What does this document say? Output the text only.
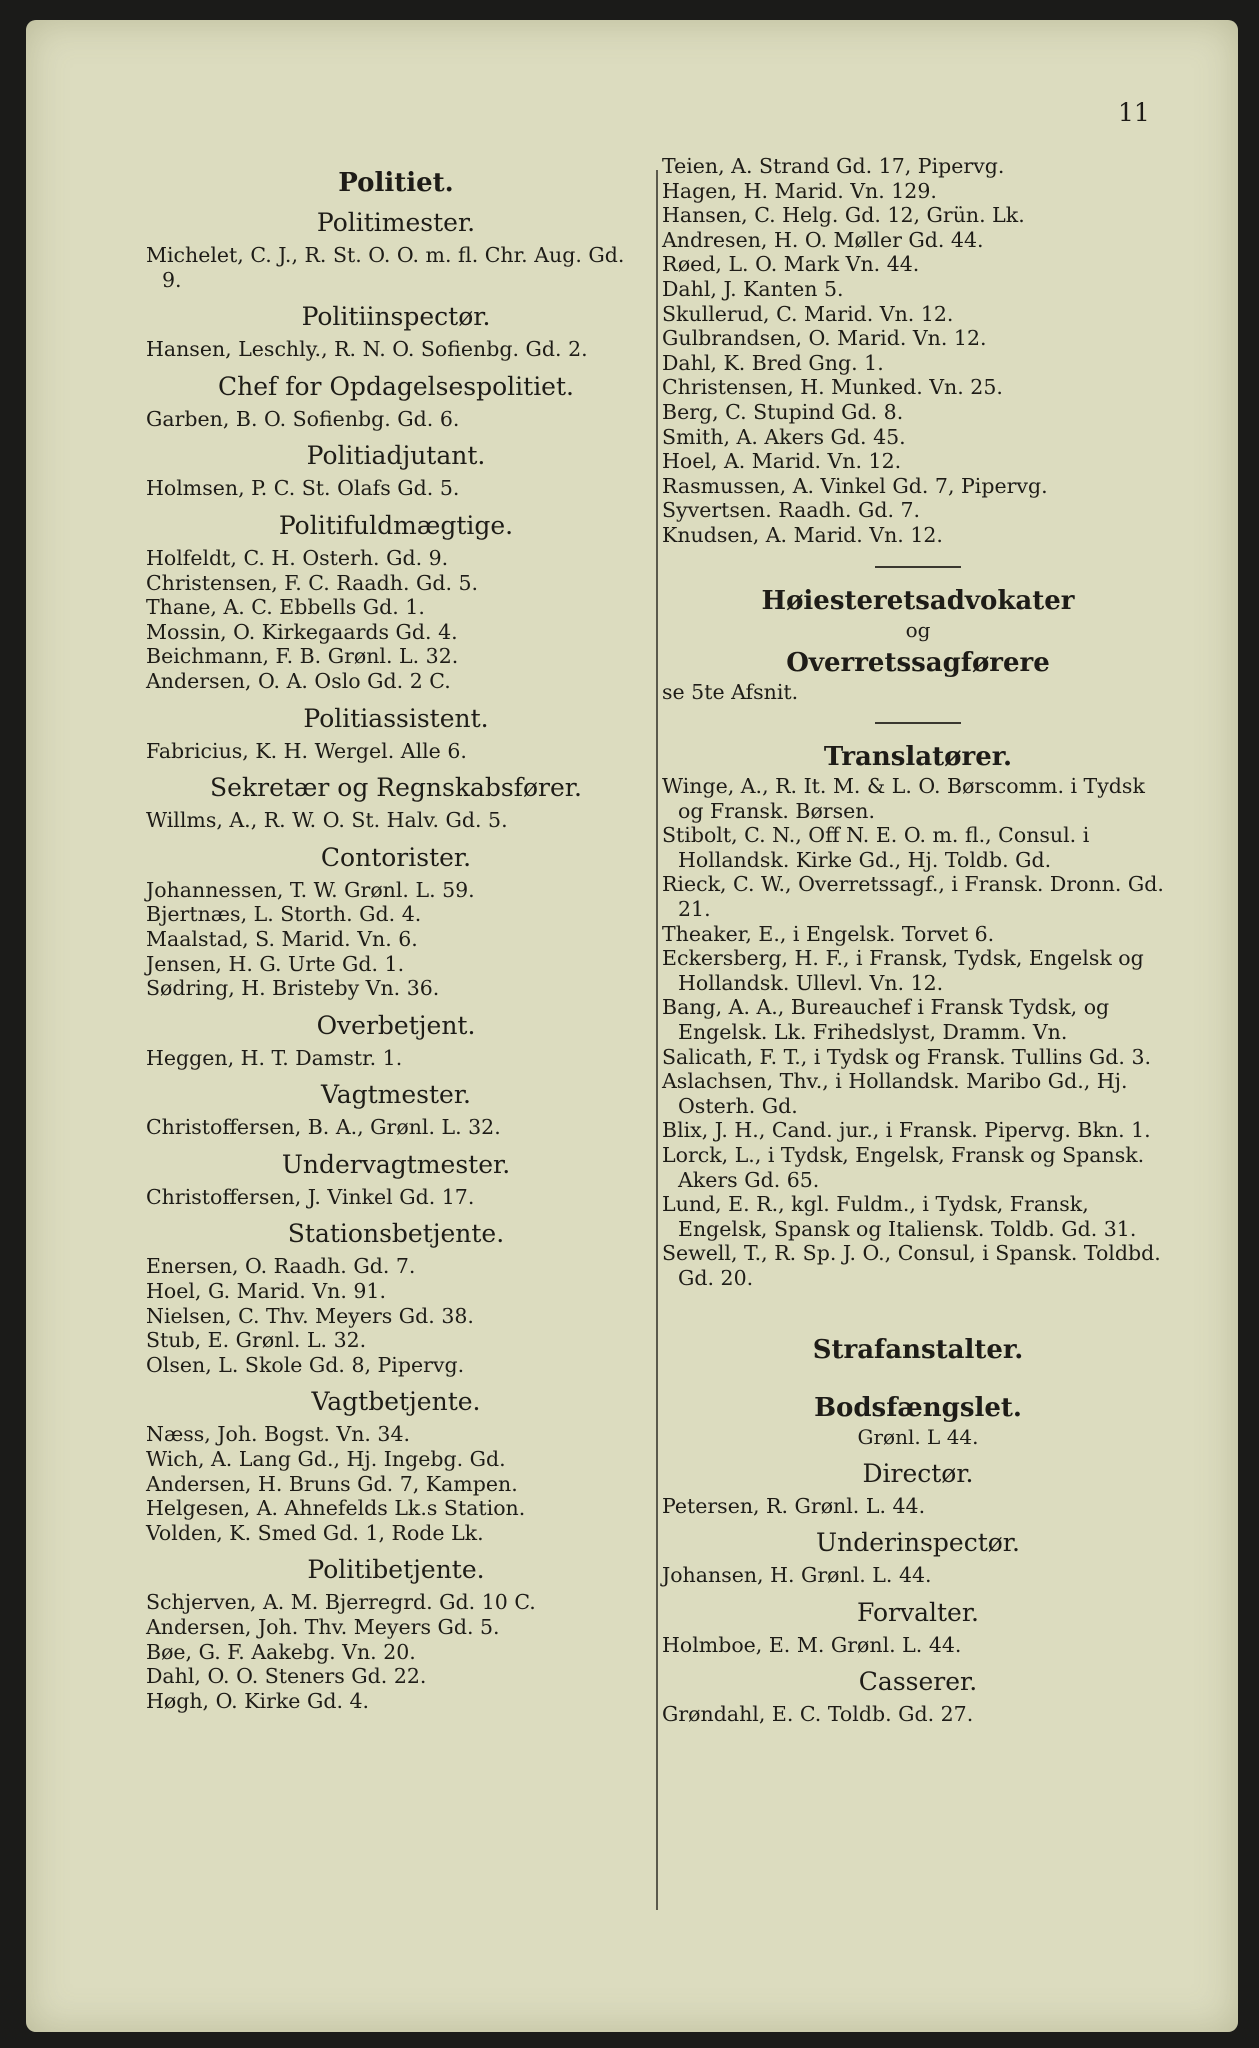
11
Politiet.
Politimester.
Michelet, C. J., R. St. O. O. m. fl. Chr. Aug. Gd. 9.
Politiinspectør.
Hansen, Leschly., R. N. O. Sofienbg. Gd. 2.
Chef for Opdagelsespolitiet.
Garben, B. O. Sofienbg. Gd. 6.
Politiadjutant.
Holmsen, P. C. St. Olafs Gd. 5.
Politifuldmægtige.
Holfeldt, C. H. Osterh. Gd. 9.
Christensen, F. C. Raadh. Gd. 5.
Thane, A. C. Ebbells Gd. 1.
Mossin, O. Kirkegaards Gd. 4.
Beichmann, F. B. Grønl. L. 32.
Andersen, O. A. Oslo Gd. 2 C.
Politiassistent.
Fabricius, K. H. Wergel. Alle 6.
Sekretær og Regnskabsfører.
Willms, A., R. W. O. St. Halv. Gd. 5.
Contorister.
Johannessen, T. W. Grønl. L. 59.
Bjertnæs, L. Storth. Gd. 4.
Maalstad, S. Marid. Vn. 6.
Jensen, H. G. Urte Gd. 1.
Sødring, H. Bristeby Vn. 36.
Overbetjent.
Heggen, H. T. Damstr. 1.
Vagtmester.
Christoffersen, B. A., Grønl. L. 32.
Undervagtmester.
Christoffersen, J. Vinkel Gd. 17.
Stationsbetjente.
Enersen, O. Raadh. Gd. 7.
Hoel, G. Marid. Vn. 91.
Nielsen, C. Thv. Meyers Gd. 38.
Stub, E. Grønl. L. 32.
Olsen, L. Skole Gd. 8, Pipervg.
Vagtbetjente.
Næss, Joh. Bogst. Vn. 34.
Wich, A. Lang Gd., Hj. Ingebg. Gd.
Andersen, H. Bruns Gd. 7, Kampen.
Helgesen, A. Ahnefelds Lk.s Station.
Volden, K. Smed Gd. 1, Rode Lk.
Politibetjente.
Schjerven, A. M. Bjerregrd. Gd. 10 C.
Andersen, Joh. Thv. Meyers Gd. 5.
Bøe, G. F. Aakebg. Vn. 20.
Dahl, O. O. Steners Gd. 22.
Høgh, O. Kirke Gd. 4.
Teien, A. Strand Gd. 17, Pipervg.
Hagen, H. Marid. Vn. 129.
Hansen, C. Helg. Gd. 12, Grün. Lk.
Andresen, H. O. Møller Gd. 44.
Røed, L. O. Mark Vn. 44.
Dahl, J. Kanten 5.
Skullerud, C. Marid. Vn. 12.
Gulbrandsen, O. Marid. Vn. 12.
Dahl, K. Bred Gng. 1.
Christensen, H. Munked. Vn. 25.
Berg, C. Stupind Gd. 8.
Smith, A. Akers Gd. 45.
Hoel, A. Marid. Vn. 12.
Rasmussen, A. Vinkel Gd. 7, Pipervg.
Syvertsen. Raadh. Gd. 7.
Knudsen, A. Marid. Vn. 12.
Høiesteretsadvokater
og
Overretssagførere
se 5te Afsnit.
Translatører.
Winge, A., R. It. M. & L. O. Børscomm. i Tydsk og Fransk. Børsen.
Stibolt, C. N., Off N. E. O. m. fl., Consul. i Hollandsk. Kirke Gd., Hj. Toldb. Gd.
Rieck, C. W., Overretssagf., i Fransk. Dronn. Gd. 21.
Theaker, E., i Engelsk. Torvet 6.
Eckersberg, H. F., i Fransk, Tydsk, Engelsk og Hollandsk. Ullevl. Vn. 12.
Bang, A. A., Bureauchef i Fransk Tydsk, og Engelsk. Lk. Frihedslyst, Dramm. Vn.
Salicath, F. T., i Tydsk og Fransk. Tullins Gd. 3.
Aslachsen, Thv., i Hollandsk. Maribo Gd., Hj. Osterh. Gd.
Blix, J. H., Cand. jur., i Fransk. Pipervg. Bkn. 1.
Lorck, L., i Tydsk, Engelsk, Fransk og Spansk. Akers Gd. 65.
Lund, E. R., kgl. Fuldm., i Tydsk, Fransk, Engelsk, Spansk og Italiensk. Toldb. Gd. 31.
Sewell, T., R. Sp. J. O., Consul, i Spansk. Toldbd. Gd. 20.
Strafanstalter.
Bodsfængslet.
Grønl. L 44.
Directør.
Petersen, R. Grønl. L. 44.
Underinspectør.
Johansen, H. Grønl. L. 44.
Forvalter.
Holmboe, E. M. Grønl. L. 44.
Casserer.
Grøndahl, E. C. Toldb. Gd. 27.
